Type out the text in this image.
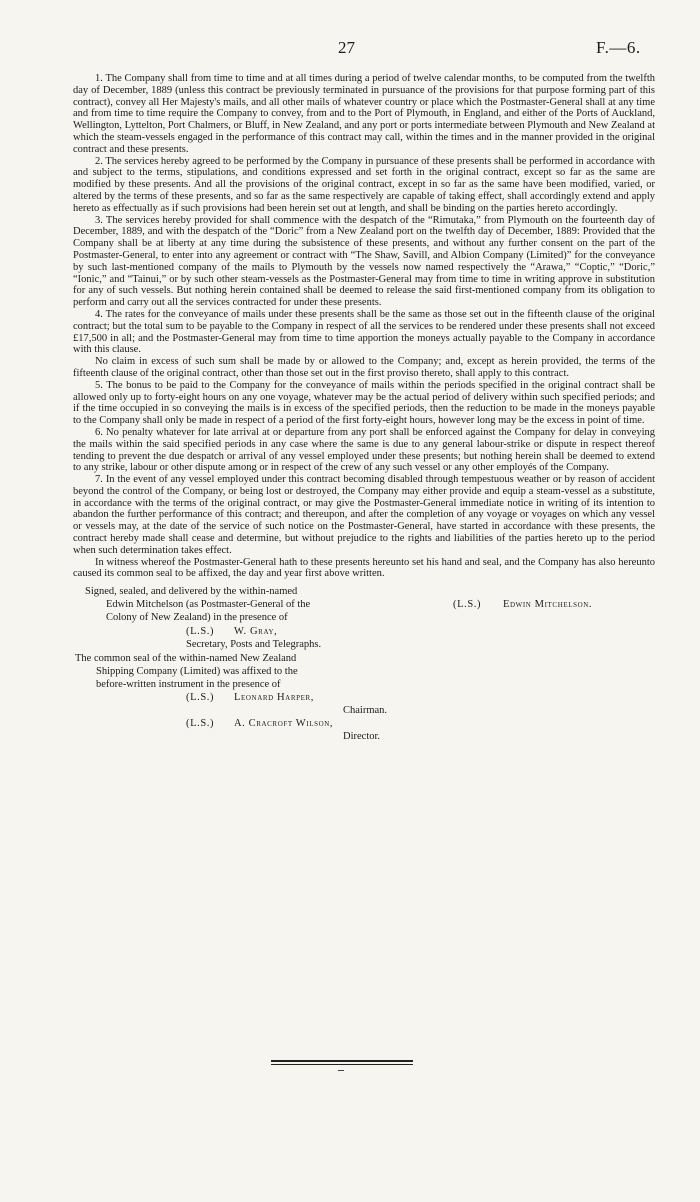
27	F.—6.

1. The Company shall from time to time and at all times during a period of twelve calendar months, to be computed from the twelfth day of December, 1889 (unless this contract be previously terminated in pursuance of the provisions for that purpose forming part of this contract), convey all Her Majesty's mails, and all other mails of whatever country or place which the Postmaster-General shall at any time and from time to time require the Company to convey, from and to the Port of Plymouth, in England, and either of the Ports of Auckland, Wellington, Lyttelton, Port Chalmers, or Bluff, in New Zealand, and any port or ports intermediate between Plymouth and New Zealand at which the steam-vessels engaged in the performance of this contract may call, within the times and in the manner provided in the original contract and these presents.

2. The services hereby agreed to be performed by the Company in pursuance of these presents shall be performed in accordance with and subject to the terms, stipulations, and conditions expressed and set forth in the original contract, except so far as the same are modified by these presents. And all the provisions of the original contract, except in so far as the same have been modified, varied, or altered by the terms of these presents, and so far as the same respectively are capable of taking effect, shall accordingly extend and apply hereto as effectually as if such provisions had been herein set out at length, and shall be binding on the parties hereto accordingly.

3. The services hereby provided for shall commence with the despatch of the “Rimutaka,” from Plymouth on the fourteenth day of December, 1889, and with the despatch of the “Doric” from a New Zealand port on the twelfth day of December, 1889: Provided that the Company shall be at liberty at any time during the subsistence of these presents, and without any further consent on the part of the Postmaster-General, to enter into any agreement or contract with “The Shaw, Savill, and Albion Company (Limited)” for the conveyance by such last-mentioned company of the mails to Plymouth by the vessels now named respectively the “Arawa,” “Coptic,” “Doric,” “Ionic,” and “Tainui,” or by such other steam-vessels as the Postmaster-General may from time to time in writing approve in substitution for any of such vessels. But nothing herein contained shall be deemed to release the said first-mentioned company from its obligation to perform and carry out all the services contracted for under these presents.

4. The rates for the conveyance of mails under these presents shall be the same as those set out in the fifteenth clause of the original contract; but the total sum to be payable to the Company in respect of all the services to be rendered under these presents shall not exceed £17,500 in all; and the Postmaster-General may from time to time apportion the moneys actually payable to the Company in accordance with this clause.

No claim in excess of such sum shall be made by or allowed to the Company; and, except as herein provided, the terms of the fifteenth clause of the original contract, other than those set out in the first proviso thereto, shall apply to this contract.

5. The bonus to be paid to the Company for the conveyance of mails within the periods specified in the original contract shall be allowed only up to forty-eight hours on any one voyage, whatever may be the actual period of delivery within such specified periods; and if the time occupied in so conveying the mails is in excess of the specified periods, then the reduction to be made in the moneys payable to the Company shall only be made in respect of a period of the first forty-eight hours, however long may be the excess in point of time.

6. No penalty whatever for late arrival at or departure from any port shall be enforced against the Company for delay in conveying the mails within the said specified periods in any case where the same is due to any general labour-strike or dispute in respect thereof tending to prevent the due despatch or arrival of any vessel employed under these presents; but nothing herein shall be deemed to extend to any strike, labour or other dispute among or in respect of the crew of any such vessel or any other employés of the Company.

7. In the event of any vessel employed under this contract becoming disabled through tempestuous weather or by reason of accident beyond the control of the Company, or being lost or destroyed, the Company may either provide and equip a steam-vessel as a substitute, in accordance with the terms of the original contract, or may give the Postmaster-General immediate notice in writing of its intention to abandon the further performance of this contract; and thereupon, and after the completion of any voyage or voyages on which any vessel or vessels may, at the date of the service of such notice on the Postmaster-General, have started in accordance with these presents, the contract hereby made shall cease and determine, but without prejudice to the rights and liabilities of the parties hereto up to the period when such determination takes effect.

In witness whereof the Postmaster-General hath to these presents hereunto set his hand and seal, and the Company has also hereunto caused its common seal to be affixed, the day and year first above written.

Signed, sealed, and delivered by the within-named
Edwin Mitchelson (as Postmaster-General of the
Colony of New Zealand) in the presence of
(L.S.) Edwin Mitchelson.
(L.S.) W. Gray,
Secretary, Posts and Telegraphs.
The common seal of the within-named New Zealand
Shipping Company (Limited) was affixed to the
before-written instrument in the presence of
(L.S.) Leonard Harper,
Chairman.
(L.S.) A. Cracroft Wilson,
Director.
